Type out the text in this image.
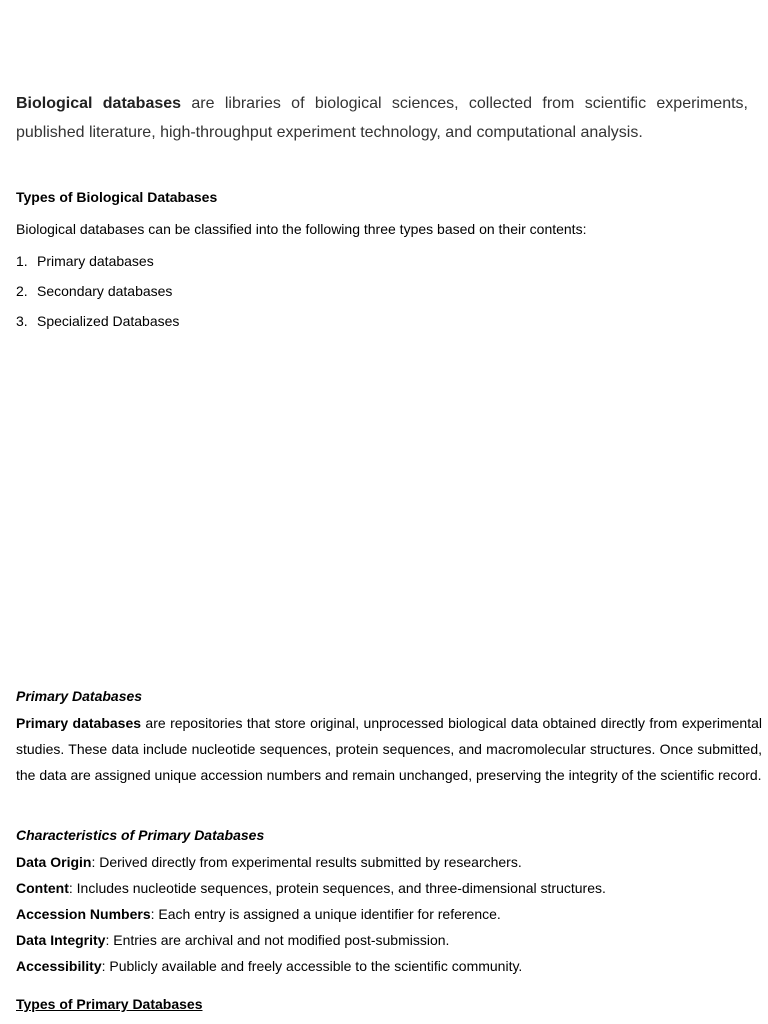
Biological databases are libraries of biological sciences, collected from scientific experiments, published literature, high-throughput experiment technology, and computational analysis.

Types of Biological Databases

Biological databases can be classified into the following three types based on their contents:

1. Primary databases
2. Secondary databases
3. Specialized Databases
Primary Databases

Primary databases are repositories that store original, unprocessed biological data obtained directly from experimental studies. These data include nucleotide sequences, protein sequences, and macromolecular structures. Once submitted, the data are assigned unique accession numbers and remain unchanged, preserving the integrity of the scientific record.

Characteristics of Primary Databases
Data Origin: Derived directly from experimental results submitted by researchers.
Content: Includes nucleotide sequences, protein sequences, and three-dimensional structures.
Accession Numbers: Each entry is assigned a unique identifier for reference.
Data Integrity: Entries are archival and not modified post-submission.
Accessibility: Publicly available and freely accessible to the scientific community.
Types of Primary Databases
